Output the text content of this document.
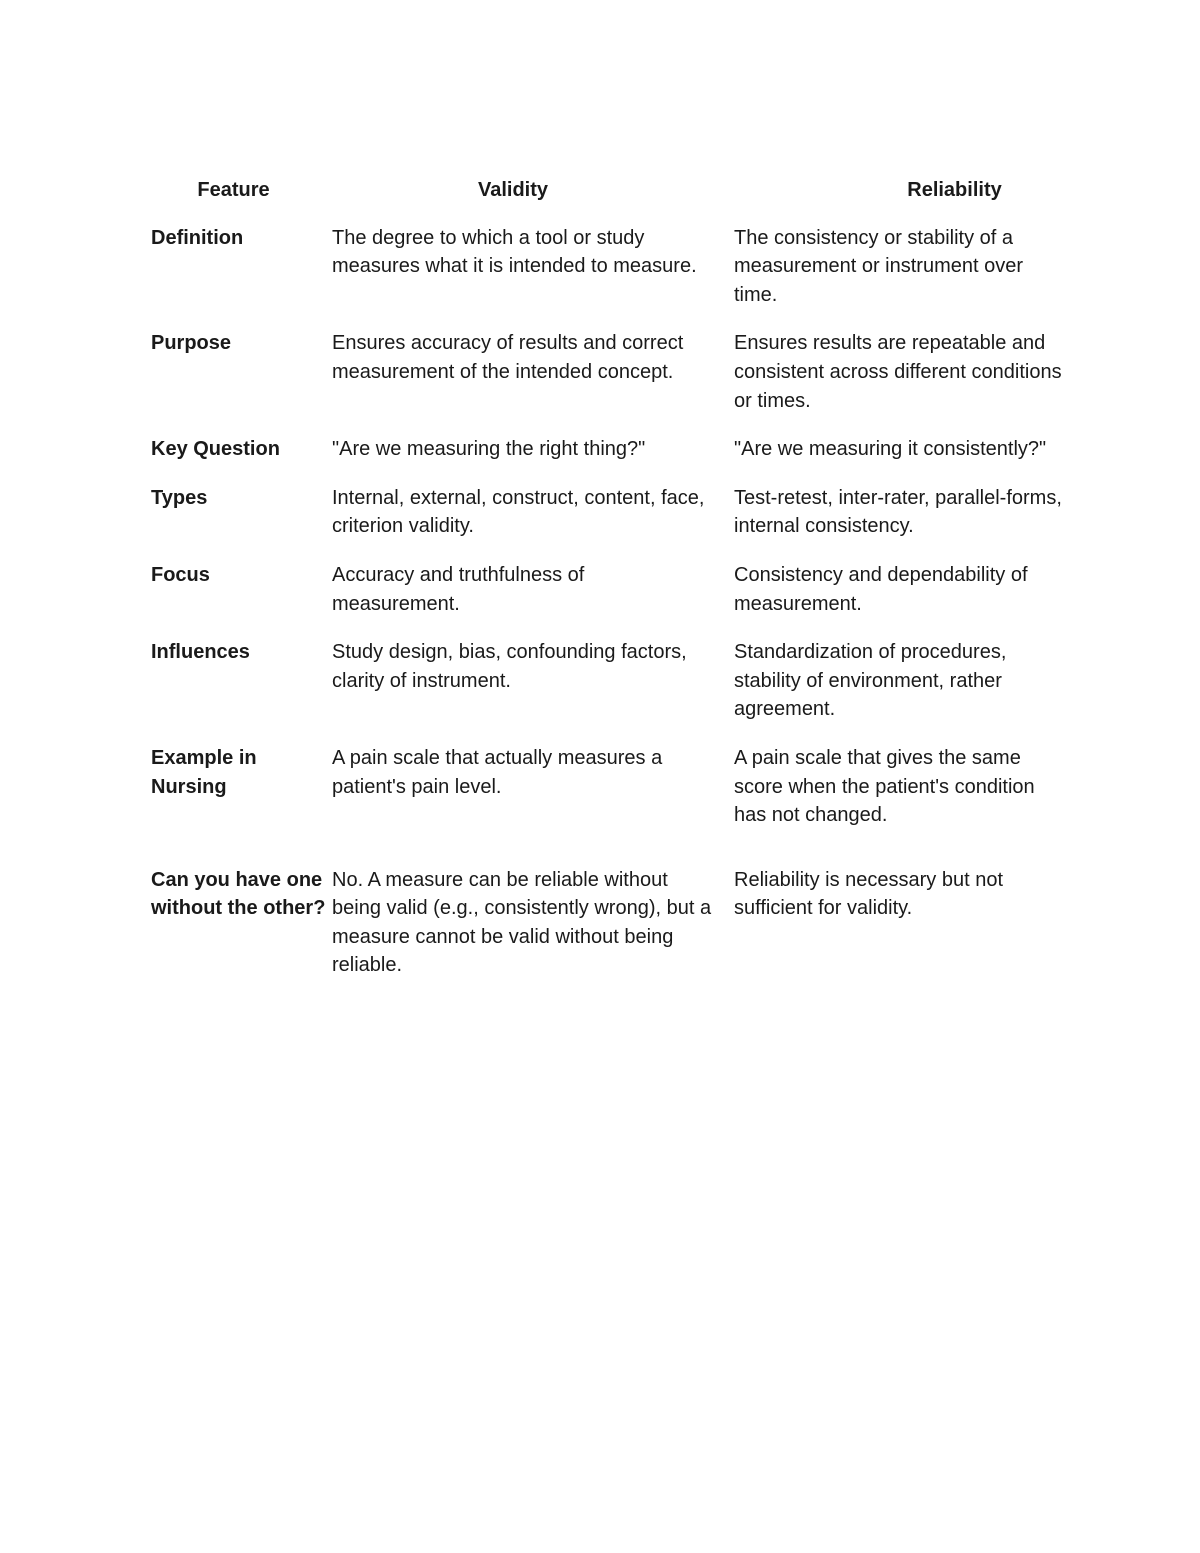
Feature	Validity	Reliability
Definition	The degree to which a tool or study measures what it is intended to measure.	The consistency or stability of a measurement or instrument over time.
Purpose	Ensures accuracy of results and correct measurement of the intended concept.	Ensures results are repeatable and consistent across different conditions or times.
Key Question	"Are we measuring the right thing?"	"Are we measuring it consistently?"
Types	Internal, external, construct, content, face, criterion validity.	Test-retest, inter-rater, parallel-forms, internal consistency.
Focus	Accuracy and truthfulness of measurement.	Consistency and dependability of measurement.
Influences	Study design, bias, confounding factors, clarity of instrument.	Standardization of procedures, stability of environment, rather agreement.
Example in Nursing	A pain scale that actually measures a patient's pain level.	A pain scale that gives the same score when the patient's condition has not changed.
Can you have one without the other?	No. A measure can be reliable without being valid (e.g., consistently wrong), but a measure cannot be valid without being reliable.	Reliability is necessary but not sufficient for validity.
